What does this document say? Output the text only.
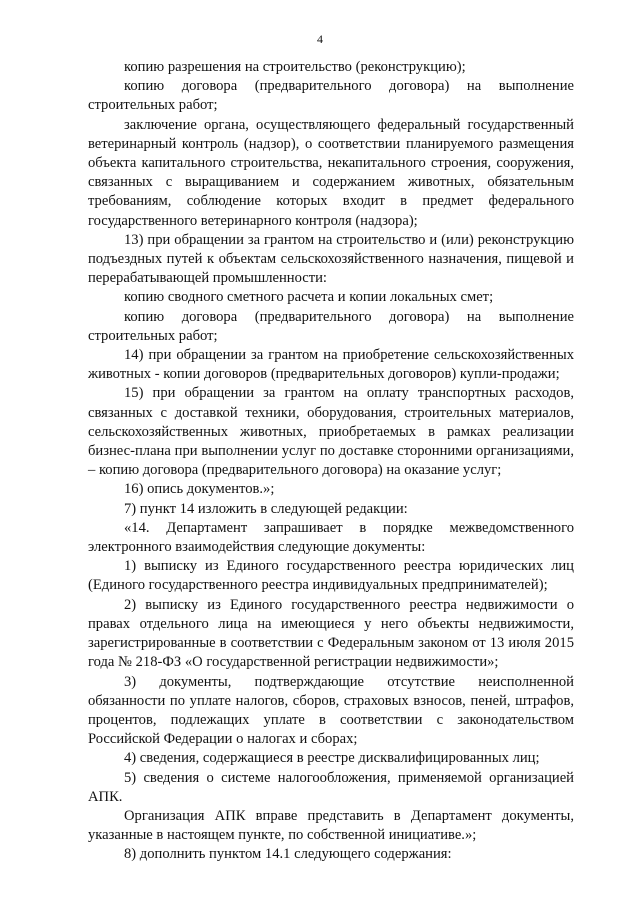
4

копию разрешения на строительство (реконструкцию);

копию договора (предварительного договора) на выполнение строительных работ;

заключение органа, осуществляющего федеральный государственный ветеринарный контроль (надзор), о соответствии планируемого размещения объекта капитального строительства, некапитального строения, сооружения, связанных с выращиванием и содержанием животных, обязательным требованиям, соблюдение которых входит в предмет федерального государственного ветеринарного контроля (надзора);

13) при обращении за грантом на строительство и (или) реконструкцию подъездных путей к объектам сельскохозяйственного назначения, пищевой и перерабатывающей промышленности:

копию сводного сметного расчета и копии локальных смет;

копию договора (предварительного договора) на выполнение строительных работ;

14) при обращении за грантом на приобретение сельскохозяйственных животных - копии договоров (предварительных договоров) купли-продажи;

15) при обращении за грантом на оплату транспортных расходов, связанных с доставкой техники, оборудования, строительных материалов, сельскохозяйственных животных, приобретаемых в рамках реализации бизнес-плана при выполнении услуг по доставке сторонними организациями, – копию договора (предварительного договора) на оказание услуг;

16) опись документов.»;

7) пункт 14 изложить в следующей редакции:

«14. Департамент запрашивает в порядке межведомственного электронного взаимодействия следующие документы:

1) выписку из Единого государственного реестра юридических лиц (Единого государственного реестра индивидуальных предпринимателей);

2) выписку из Единого государственного реестра недвижимости о правах отдельного лица на имеющиеся у него объекты недвижимости, зарегистрированные в соответствии с Федеральным законом от 13 июля 2015 года № 218-ФЗ «О государственной регистрации недвижимости»;

3) документы, подтверждающие отсутствие неисполненной обязанности по уплате налогов, сборов, страховых взносов, пеней, штрафов, процентов, подлежащих уплате в соответствии с законодательством Российской Федерации о налогах и сборах;

4) сведения, содержащиеся в реестре дисквалифицированных лиц;

5) сведения о системе налогообложения, применяемой организацией АПК.

Организация АПК вправе представить в Департамент документы, указанные в настоящем пункте, по собственной инициативе.»;

8) дополнить пунктом 14.1 следующего содержания:
